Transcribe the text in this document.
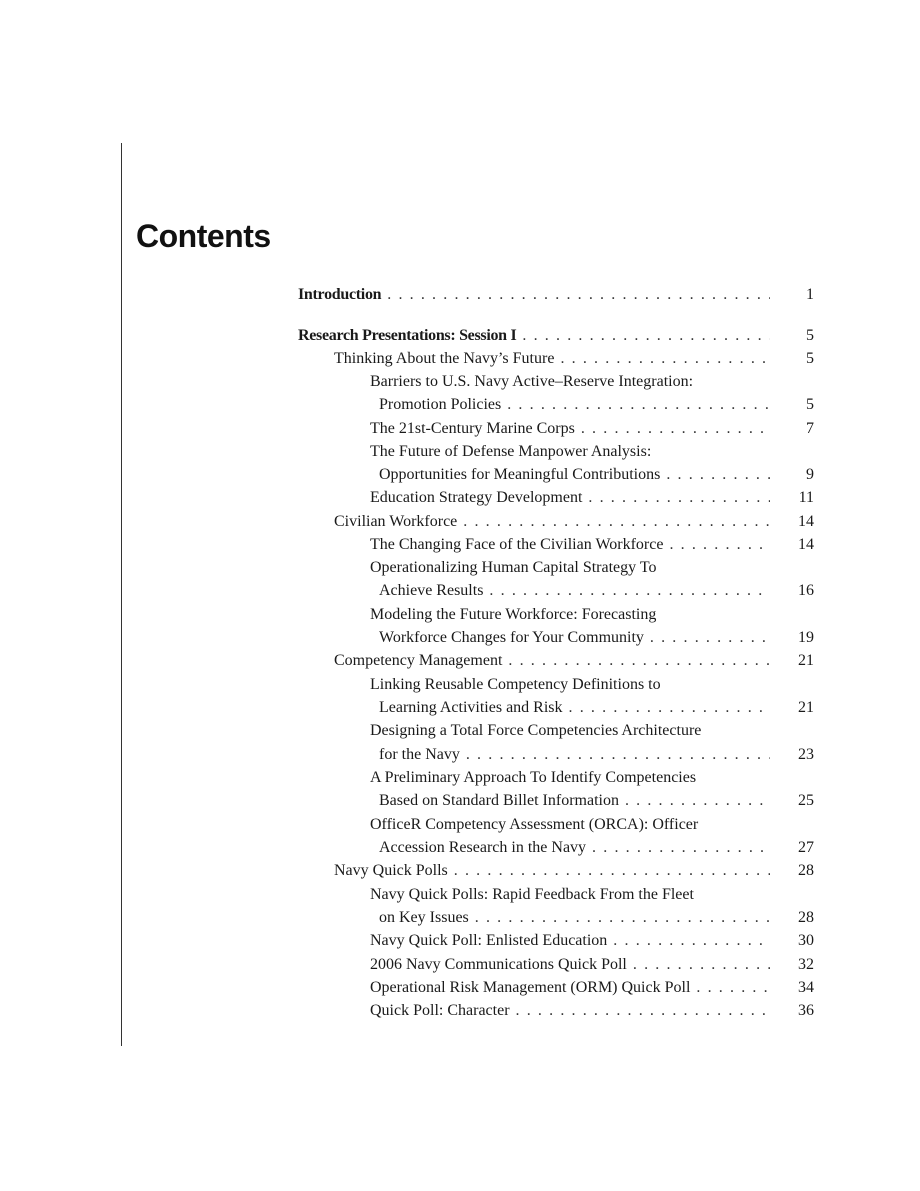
Contents
Introduction . . .	1
Research Presentations: Session I . . .	5
Thinking About the Navy’s Future . . .	5
Barriers to U.S. Navy Active–Reserve Integration:
Promotion Policies . . .	5
The 21st-Century Marine Corps . . .	7
The Future of Defense Manpower Analysis:
Opportunities for Meaningful Contributions . . .	9
Education Strategy Development . . .	11
Civilian Workforce . . .	14
The Changing Face of the Civilian Workforce . . .	14
Operationalizing Human Capital Strategy To
Achieve Results . . .	16
Modeling the Future Workforce: Forecasting
Workforce Changes for Your Community . . .	19
Competency Management . . .	21
Linking Reusable Competency Definitions to
Learning Activities and Risk . . .	21
Designing a Total Force Competencies Architecture
for the Navy . . .	23
A Preliminary Approach To Identify Competencies
Based on Standard Billet Information . . .	25
OfficeR Competency Assessment (ORCA): Officer
Accession Research in the Navy . . .	27
Navy Quick Polls . . .	28
Navy Quick Polls: Rapid Feedback From the Fleet
on Key Issues . . .	28
Navy Quick Poll: Enlisted Education . . .	30
2006 Navy Communications Quick Poll . . .	32
Operational Risk Management (ORM) Quick Poll . . .	34
Quick Poll: Character . . .	36
